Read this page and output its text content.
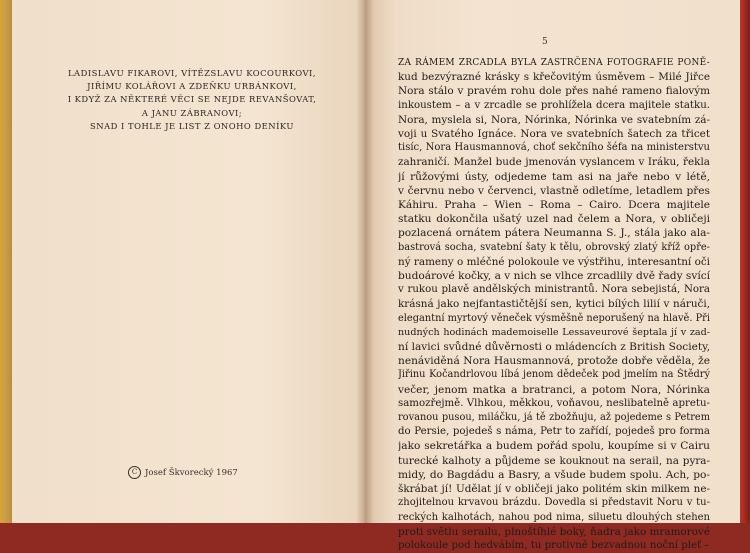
LADISLAVU FIKAROVI, VÍTĚZSLAVU KOCOURKOVI,
JIŘÍMU KOLÁŘOVI A ZDEŇKU URBÁNKOVI,
I KDYŽ ZA NĚKTERÉ VĚCI SE NEJDE REVANŠOVAT,
A JANU ZÁBRANOVI;
SNAD I TOHLE JE LIST Z ONOHO DENÍKU
C Josef Škvorecký 1967
5
ZA RÁMEM ZRCADLA BYLA ZASTRČENA FOTOGRAFIE PONĚ-
kud bezvýrazné krásky s křečovitým úsměvem – Milé Jiřce
Nora stálo v pravém rohu dole přes nahé rameno fialovým
inkoustem – a v zrcadle se prohlížela dcera majitele statku.
Nora, myslela si, Nora, Nórinka, Nórinka ve svatebním zá-
voji u Svatého Ignáce. Nora ve svatebních šatech za třicet
tisíc, Nora Hausmannová, choť sekčního šéfa na ministerstvu
zahraničí. Manžel bude jmenován vyslancem v Iráku, řekla
jí růžovými ústy, odjedeme tam asi na jaře nebo v létě,
v červnu nebo v červenci, vlastně odletíme, letadlem přes
Káhiru. Praha – Wien – Roma – Cairo. Dcera majitele
statku dokončila ušatý uzel nad čelem a Nora, v obličeji
pozlacená ornátem pátera Neumanna S. J., stála jako ala-
bastrová socha, svatební šaty k tělu, obrovský zlatý kříž opře-
ný rameny o mléčné polokoule ve výstřihu, interesantní oči
budoárové kočky, a v nich se vlhce zrcadlily dvě řady svící
v rukou plavě andělských ministrantů. Nora sebejistá, Nora
krásná jako nejfantastičtější sen, kytici bílých lilií v náruči,
elegantní myrtový věneček výsměšně neporušený na hlavě. Při
nudných hodinách mademoiselle Lessaveurové šeptala jí v zad-
ní lavici svůdné důvěrnosti o mládencích z British Society,
nenáviděná Nora Hausmannová, protože dobře věděla, že
Jiřinu Kočandrlovou líbá jenom dědeček pod jmelím na Štědrý
večer, jenom matka a bratranci, a potom Nora, Nórinka
samozřejmě. Vlhkou, měkkou, voňavou, neslibatelně apretu-
rovanou pusou, miláčku, já tě zbožňuju, až pojedeme s Petrem
do Persie, pojedeš s náma, Petr to zařídí, pojedeš pro forma
jako sekretářka a budem pořád spolu, koupíme si v Cairu
turecké kalhoty a půjdeme se kouknout na serail, na pyra-
midy, do Bagdádu a Basry, a všude budem spolu. Ach, po-
škrábat jí! Udělat jí v obličeji jako politém skin milkem ne-
zhojitelnou krvavou brázdu. Dovedla si představit Noru v tu-
reckých kalhotách, nahou pod nima, siluetu dlouhých stehen
proti světlu serailu, plnoštíhlé boky, ňadra jako mramorové
polokoule pod hedvábím, tu protivně bezvadnou noční pleť –
